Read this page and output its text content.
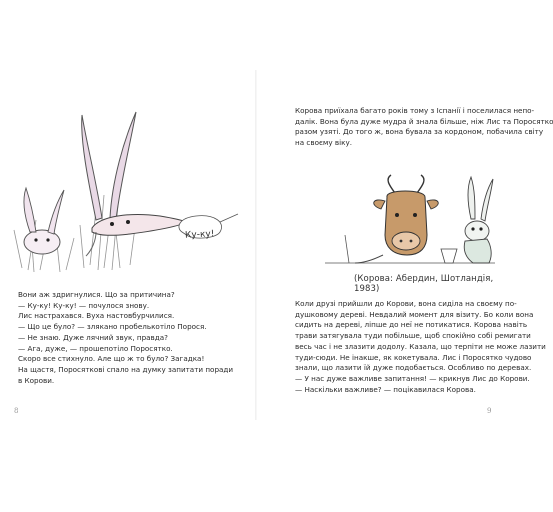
Ку-ку!
(Корова: Абердин, Шотландія, 1983)
Вони аж здригнулися. Що за притичина?
— Ку-ку! Ку-ку! — почулося знову.
Лис настрахався. Вуха настовбурчилися.
— Що це було? — злякано пробелькотіло Порося.
— Не знаю. Дуже лячний звук, правда?
— Ага, дуже, — прошепотіло Поросятко.
Скоро все стихнуло. Але що ж то було? Загадка!
На щастя, Поросяткові спало на думку запитати поради
в Корови.
Корова приїхала багато років тому з Іспанії і поселилася непо-
далік. Вона була дуже мудра й знала більше, ніж Лис та Поросятко
разом узяті. До того ж, вона бувала за кордоном, побачила світу
на своєму віку.
Коли друзі прийшли до Корови, вона сиділа на своєму по-
душковому дереві. Невдалий момент для візиту. Бо коли вона
сидить на дереві, ліпше до неї не потикатися. Корова навіть
трави затягувала туди побільше, щоб спокійно собі ремигати
весь час і не злазити додолу. Казала, що терпіти не може лазити
туди-сюди. Не інакше, як кокетувала. Лис і Поросятко чудово
знали, що лазити їй дуже подобається. Особливо по деревах.
— У нас дуже важливе запитання! — крикнув Лис до Корови.
— Наскільки важливе? — поцікавилася Корова.
8	9
